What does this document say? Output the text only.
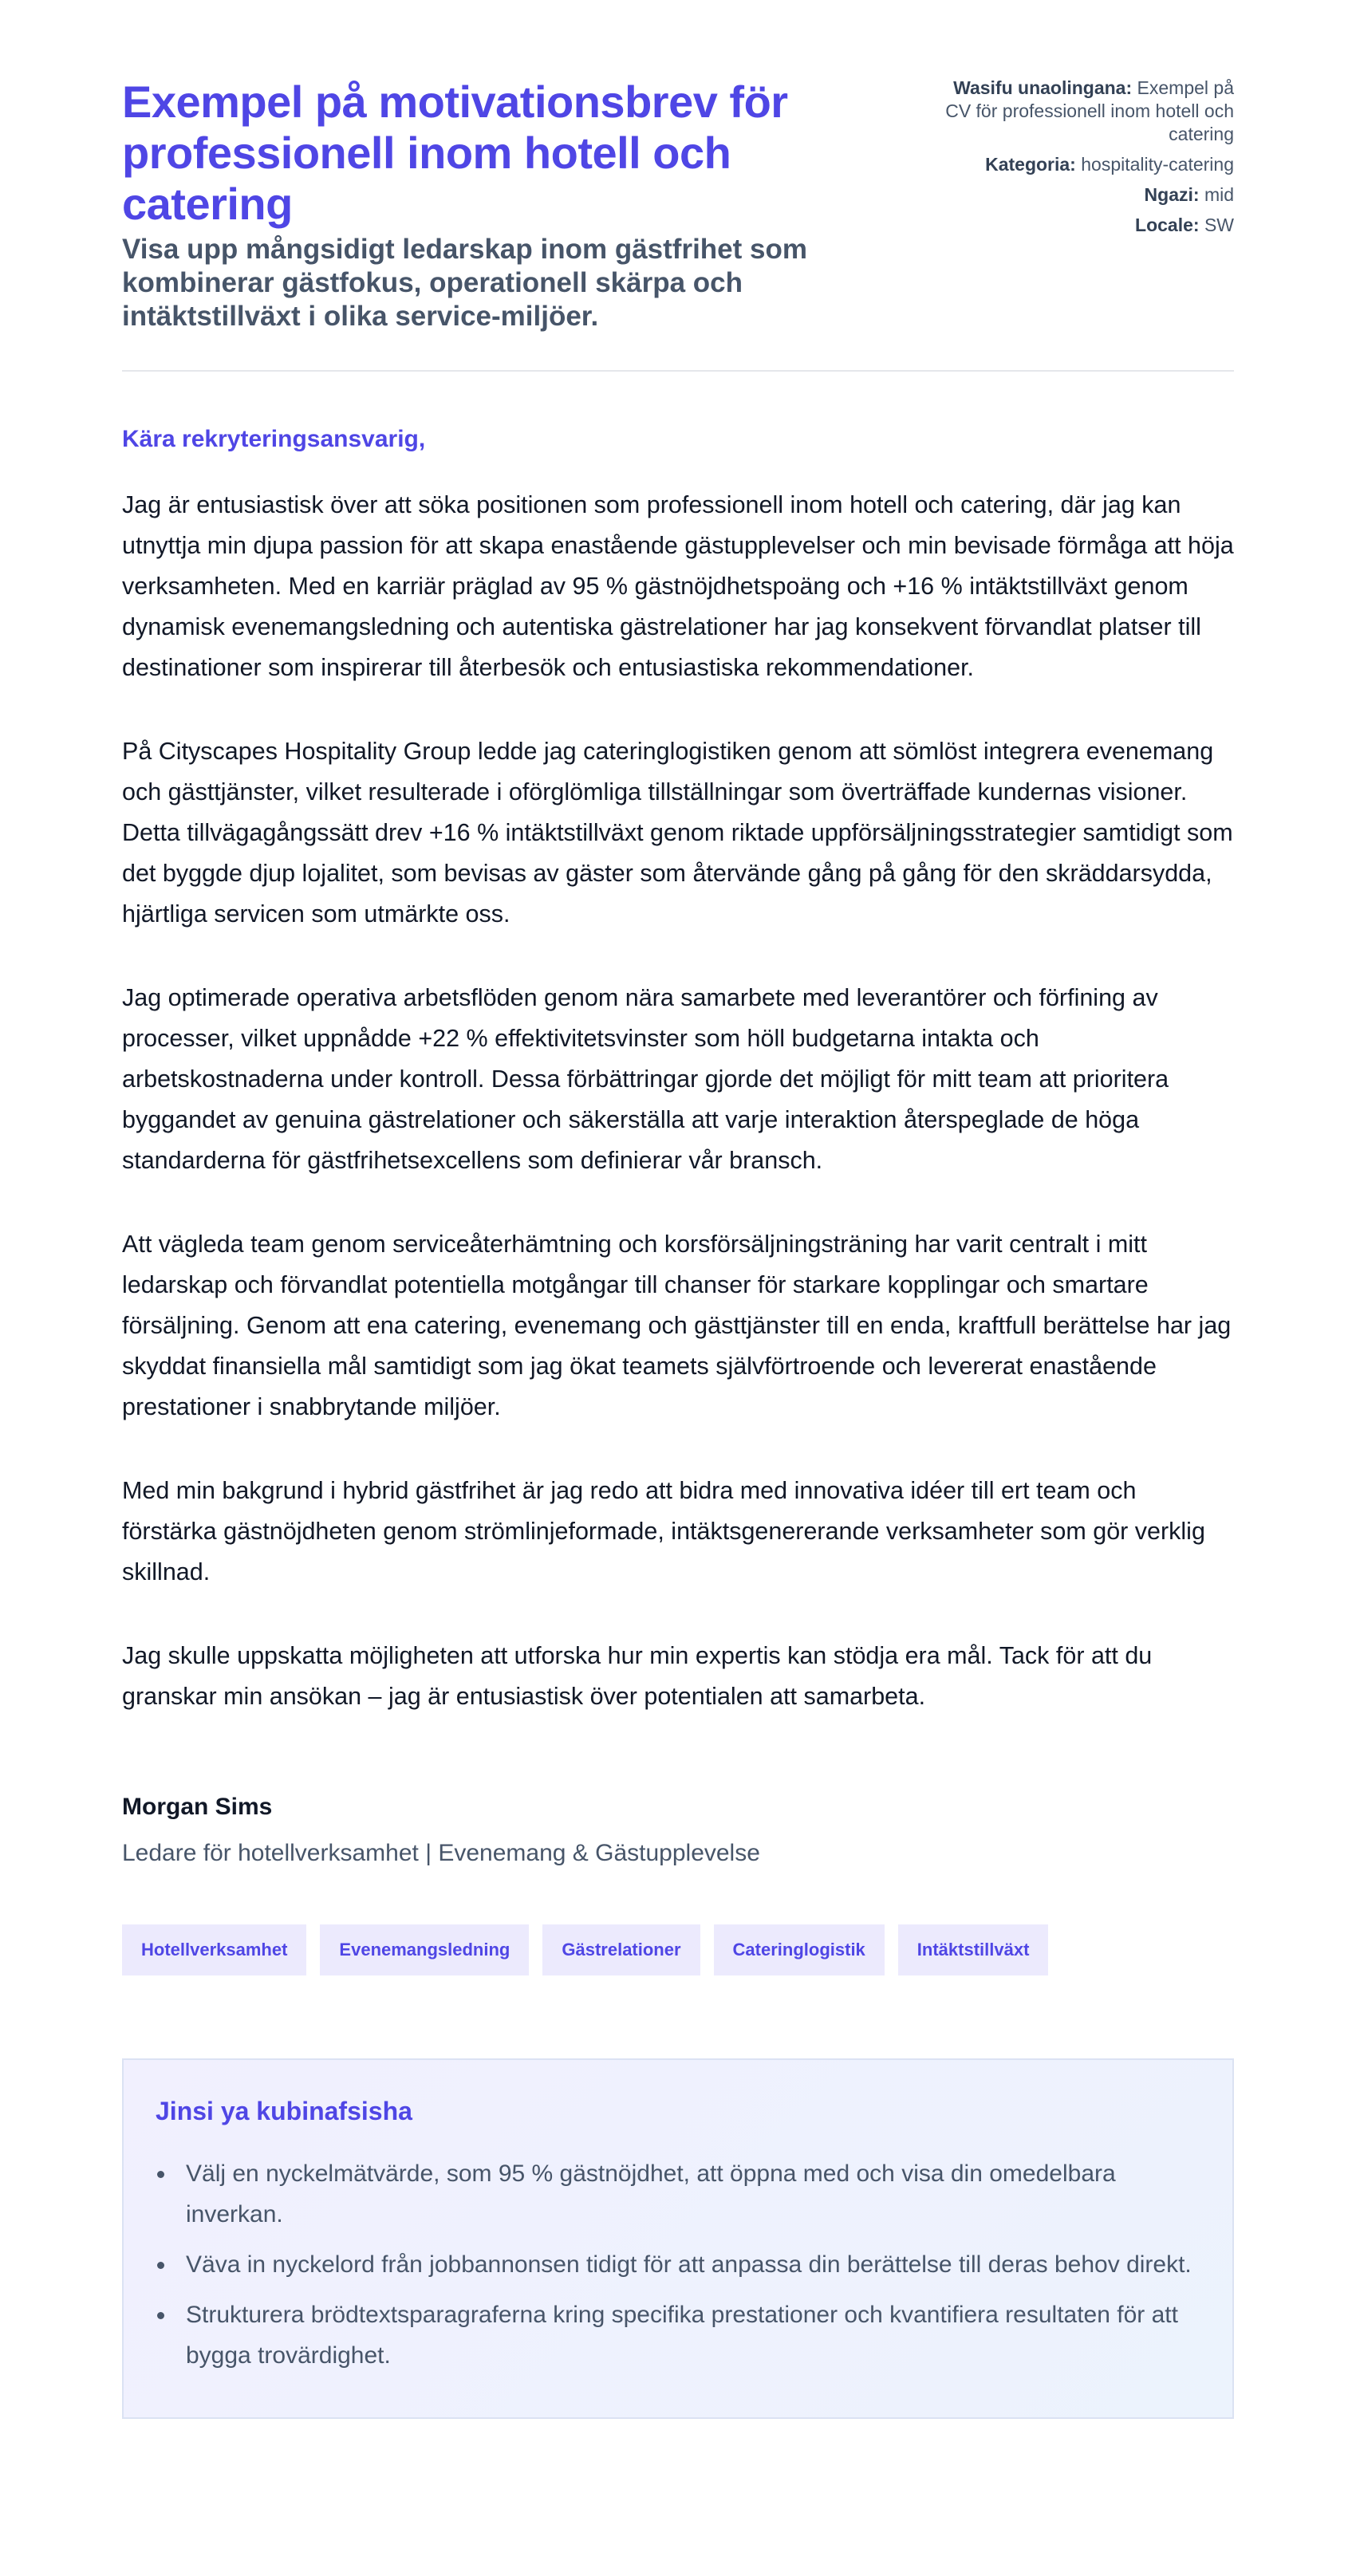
Exempel på motivationsbrev för professionell inom hotell och catering
Visa upp mångsidigt ledarskap inom gästfrihet som kombinerar gästfokus, operationell skärpa och intäktstillväxt i olika service-miljöer.
Wasifu unaolingana: Exempel på CV för professionell inom hotell och catering
Kategoria: hospitality-catering
Ngazi: mid
Locale: SW

Kära rekryteringsansvarig,

Jag är entusiastisk över att söka positionen som professionell inom hotell och catering, där jag kan utnyttja min djupa passion för att skapa enastående gästupplevelser och min bevisade förmåga att höja verksamheten. Med en karriär präglad av 95 % gästnöjdhetspoäng och +16 % intäktstillväxt genom dynamisk evenemangsledning och autentiska gästrelationer har jag konsekvent förvandlat platser till destinationer som inspirerar till återbesök och entusiastiska rekommendationer.

På Cityscapes Hospitality Group ledde jag cateringlogistiken genom att sömlöst integrera evenemang och gästtjänster, vilket resulterade i oförglömliga tillställningar som överträffade kundernas visioner. Detta tillvägagångssätt drev +16 % intäktstillväxt genom riktade uppförsäljningsstrategier samtidigt som det byggde djup lojalitet, som bevisas av gäster som återvände gång på gång för den skräddarsydda, hjärtliga servicen som utmärkte oss.

Jag optimerade operativa arbetsflöden genom nära samarbete med leverantörer och förfining av processer, vilket uppnådde +22 % effektivitetsvinster som höll budgetarna intakta och arbetskostnaderna under kontroll. Dessa förbättringar gjorde det möjligt för mitt team att prioritera byggandet av genuina gästrelationer och säkerställa att varje interaktion återspeglade de höga standarderna för gästfrihetsexcellens som definierar vår bransch.

Att vägleda team genom serviceåterhämtning och korsförsäljningsträning har varit centralt i mitt ledarskap och förvandlat potentiella motgångar till chanser för starkare kopplingar och smartare försäljning. Genom att ena catering, evenemang och gästtjänster till en enda, kraftfull berättelse har jag skyddat finansiella mål samtidigt som jag ökat teamets självförtroende och levererat enastående prestationer i snabbrytande miljöer.

Med min bakgrund i hybrid gästfrihet är jag redo att bidra med innovativa idéer till ert team och förstärka gästnöjdheten genom strömlinjeformade, intäktsgenererande verksamheter som gör verklig skillnad.

Jag skulle uppskatta möjligheten att utforska hur min expertis kan stödja era mål. Tack för att du granskar min ansökan – jag är entusiastisk över potentialen att samarbeta.

Morgan Sims
Ledare för hotellverksamhet | Evenemang & Gästupplevelse
Hotellverksamhet	Evenemangsledning	Gästrelationer	Cateringlogistik	Intäktstillväxt
Jinsi ya kubinafsisha
Välj en nyckelmätvärde, som 95 % gästnöjdhet, att öppna med och visa din omedelbara inverkan.
Väva in nyckelord från jobbannonsen tidigt för att anpassa din berättelse till deras behov direkt.
Strukturera brödtextsparagraferna kring specifika prestationer och kvantifiera resultaten för att bygga trovärdighet.
